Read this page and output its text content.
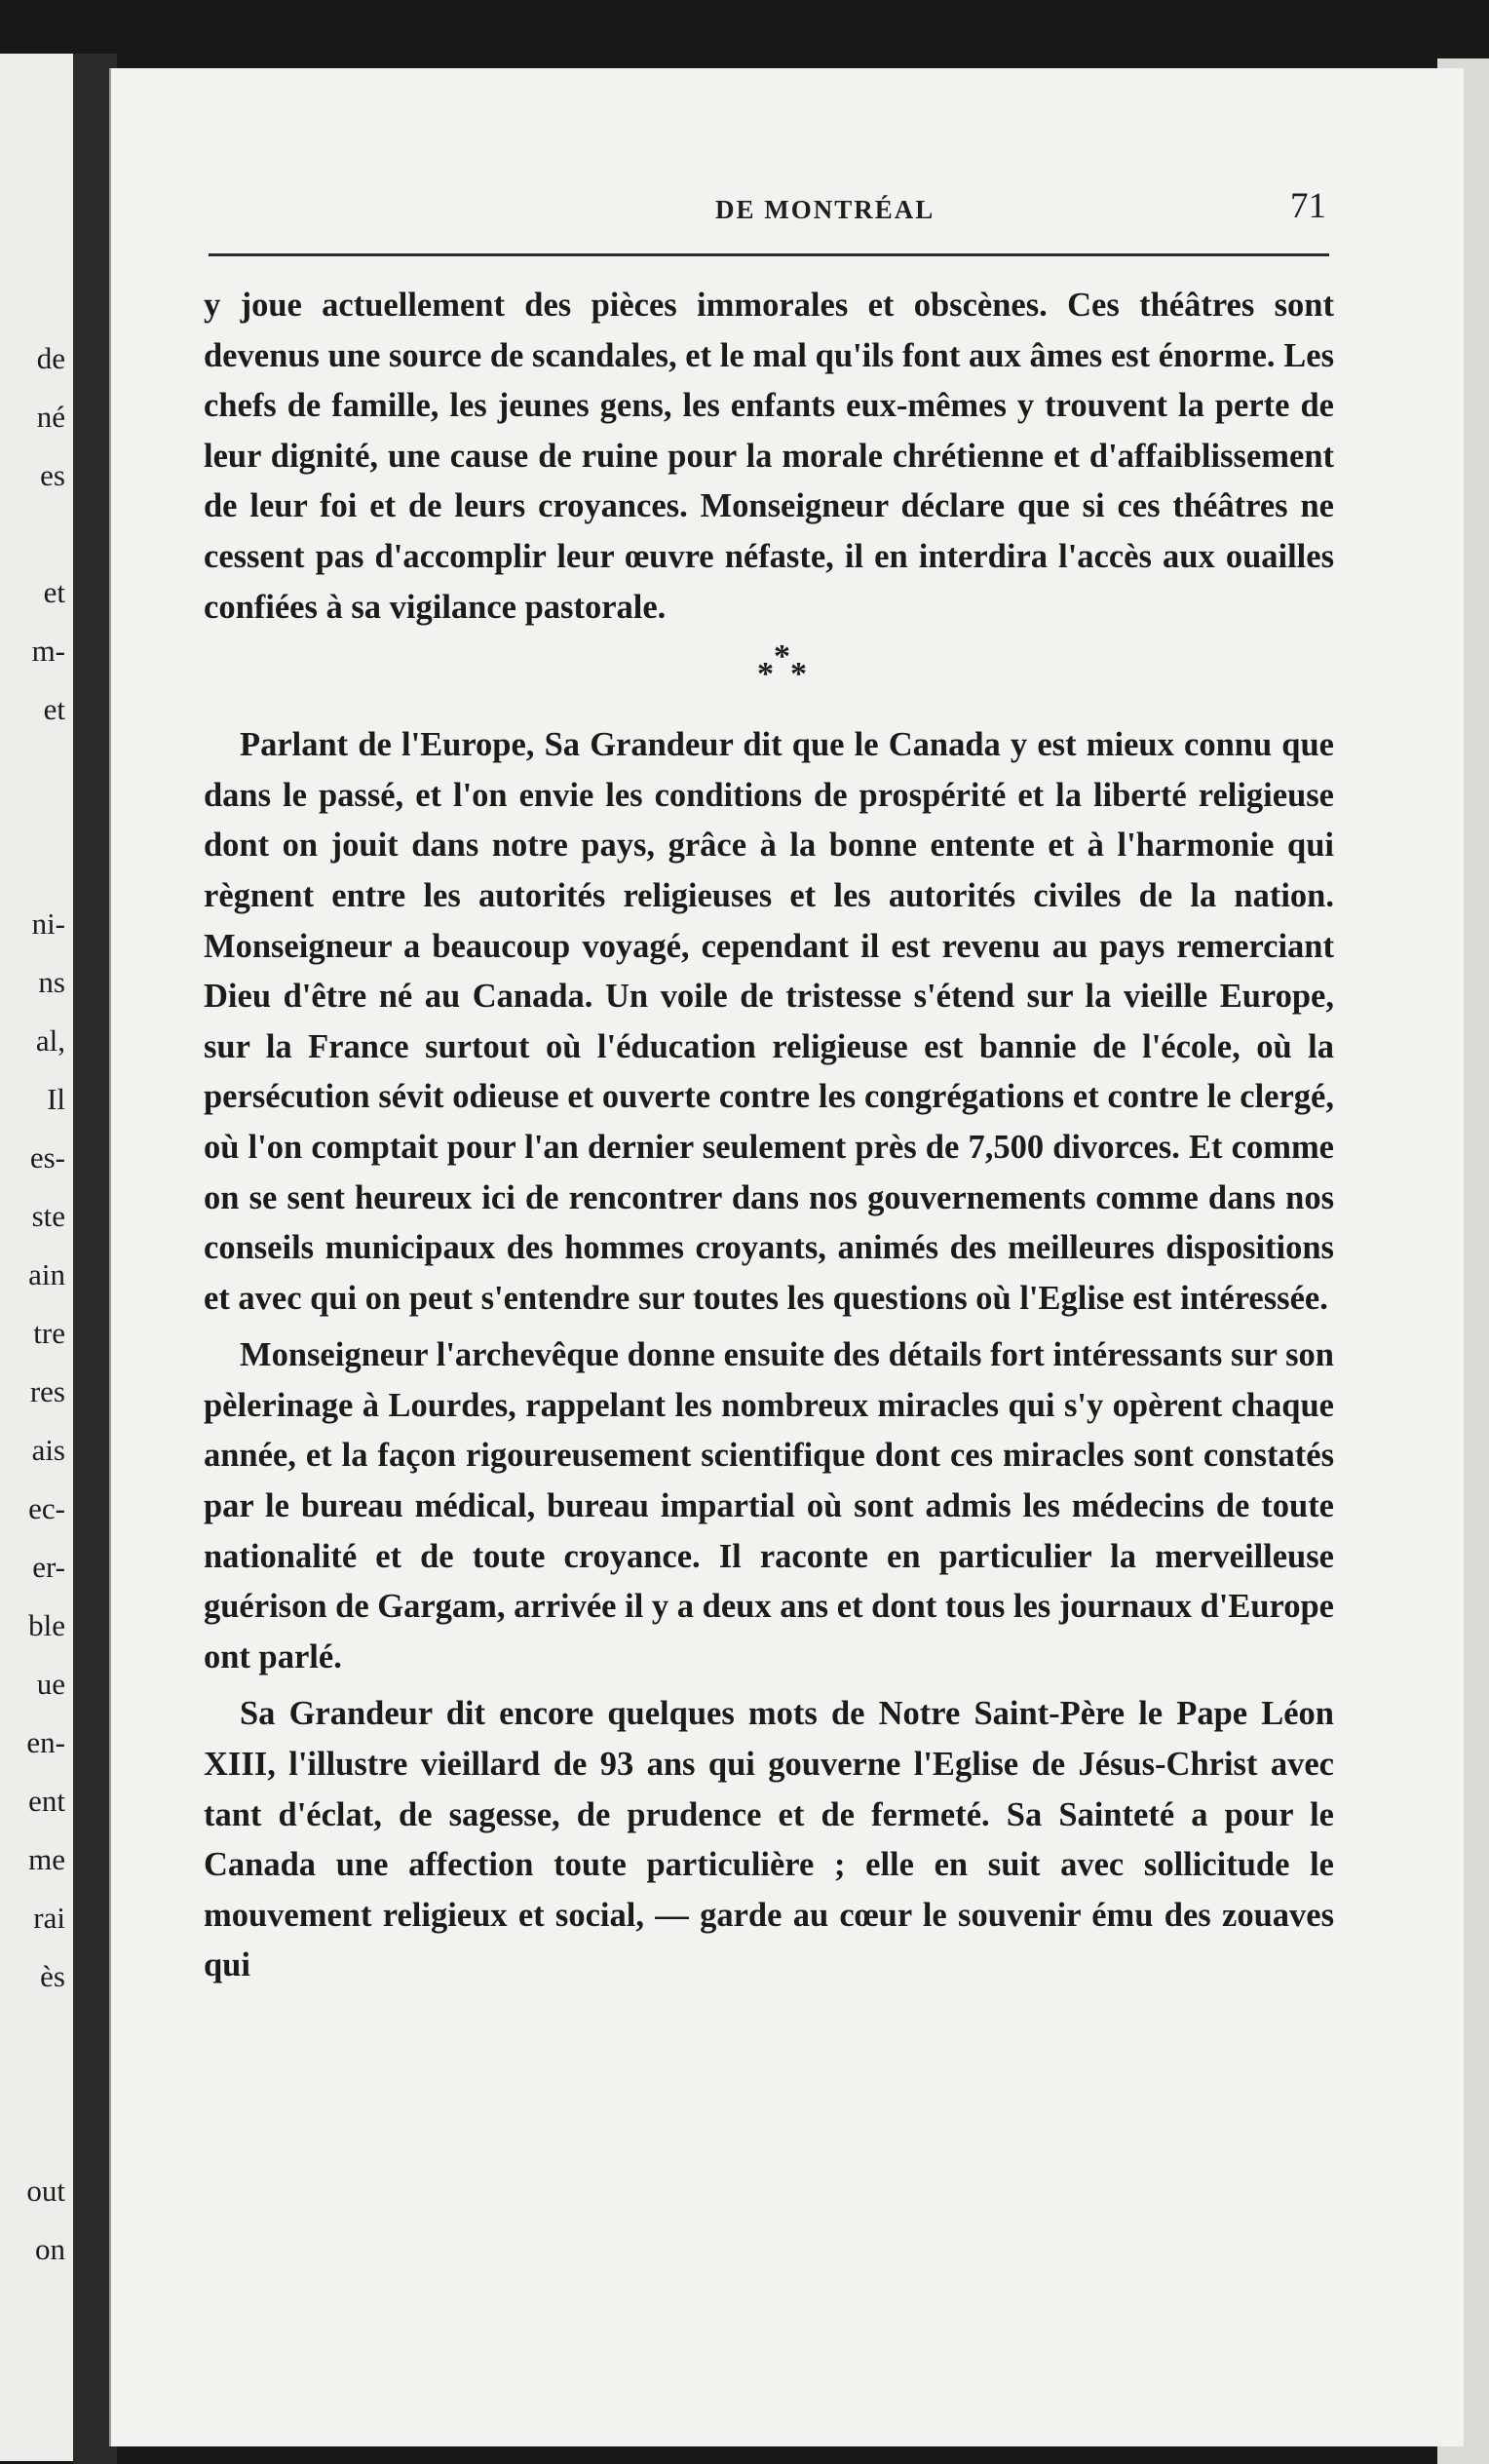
de
né
es
et
m-
et
ni-
ns
al,
Il
es-
ste
ain
tre
res
ais
ec-
er-
ble
ue
en-
ent
me
rai
ès
out
on
DE MONTRÉAL	71

y joue actuellement des pièces immorales et obscènes. Ces théâtres sont devenus une source de scandales, et le mal qu'ils font aux âmes est énorme. Les chefs de famille, les jeunes gens, les enfants eux-mêmes y trouvent la perte de leur dignité, une cause de ruine pour la morale chrétienne et d'affaiblissement de leur foi et de leurs croyances. Monseigneur déclare que si ces théâtres ne cessent pas d'accomplir leur œuvre néfaste, il en interdira l'accès aux ouailles confiées à sa vigilance pastorale.

* * *

Parlant de l'Europe, Sa Grandeur dit que le Canada y est mieux connu que dans le passé, et l'on envie les conditions de prospérité et la liberté religieuse dont on jouit dans notre pays, grâce à la bonne entente et à l'harmonie qui règnent entre les autorités religieuses et les autorités civiles de la nation. Monseigneur a beaucoup voyagé, cependant il est revenu au pays remerciant Dieu d'être né au Canada. Un voile de tristesse s'étend sur la vieille Europe, sur la France surtout où l'éducation religieuse est bannie de l'école, où la persécution sévit odieuse et ouverte contre les congrégations et contre le clergé, où l'on comptait pour l'an dernier seulement près de 7,500 divorces. Et comme on se sent heureux ici de rencontrer dans nos gouvernements comme dans nos conseils municipaux des hommes croyants, animés des meilleures dispositions et avec qui on peut s'entendre sur toutes les questions où l'Eglise est intéressée.

Monseigneur l'archevêque donne ensuite des détails fort intéressants sur son pèlerinage à Lourdes, rappelant les nombreux miracles qui s'y opèrent chaque année, et la façon rigoureusement scientifique dont ces miracles sont constatés par le bureau médical, bureau impartial où sont admis les médecins de toute nationalité et de toute croyance. Il raconte en particulier la merveilleuse guérison de Gargam, arrivée il y a deux ans et dont tous les journaux d'Europe ont parlé.

Sa Grandeur dit encore quelques mots de Notre Saint-Père le Pape Léon XIII, l'illustre vieillard de 93 ans qui gouverne l'Eglise de Jésus-Christ avec tant d'éclat, de sagesse, de prudence et de fermeté. Sa Sainteté a pour le Canada une affection toute particulière ; elle en suit avec sollicitude le mouvement religieux et social, — garde au cœur le souvenir ému des zouaves qui
